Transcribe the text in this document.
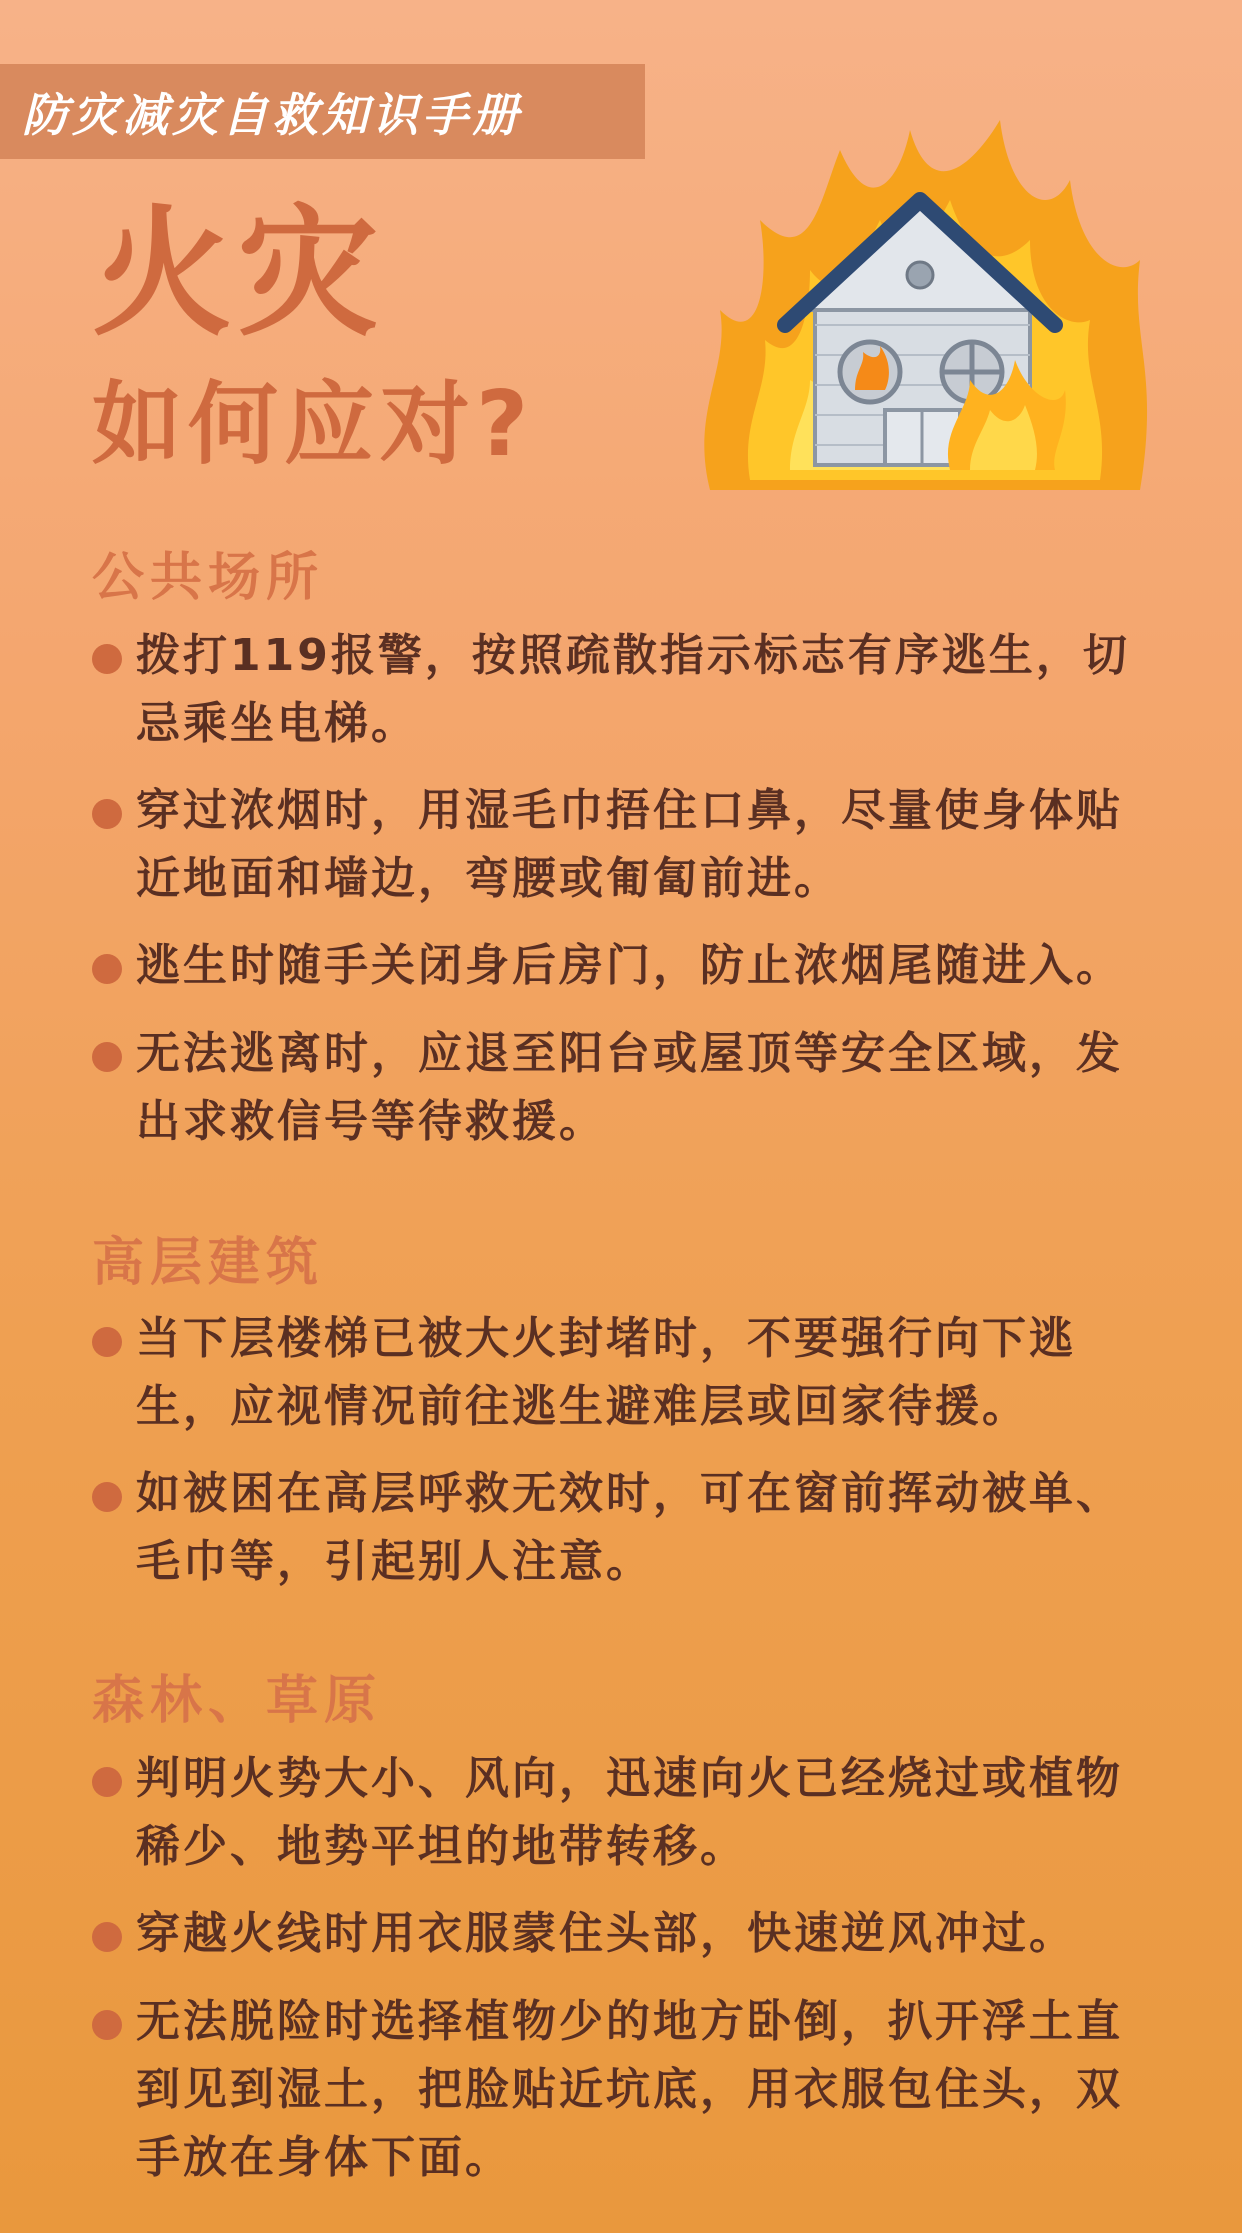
防灾减灾自救知识手册
火灾
如何应对?
公共场所
拨打119报警，按照疏散指示标志有序逃生，切忌乘坐电梯。
穿过浓烟时，用湿毛巾捂住口鼻，尽量使身体贴近地面和墙边，弯腰或匍匐前进。
逃生时随手关闭身后房门，防止浓烟尾随进入。
无法逃离时，应退至阳台或屋顶等安全区域，发出求救信号等待救援。
高层建筑
当下层楼梯已被大火封堵时，不要强行向下逃生，应视情况前往逃生避难层或回家待援。
如被困在高层呼救无效时，可在窗前挥动被单、毛巾等，引起别人注意。
森林、草原
判明火势大小、风向，迅速向火已经烧过或植物稀少、地势平坦的地带转移。
穿越火线时用衣服蒙住头部，快速逆风冲过。
无法脱险时选择植物少的地方卧倒，扒开浮土直到见到湿土，把脸贴近坑底，用衣服包住头，双手放在身体下面。
